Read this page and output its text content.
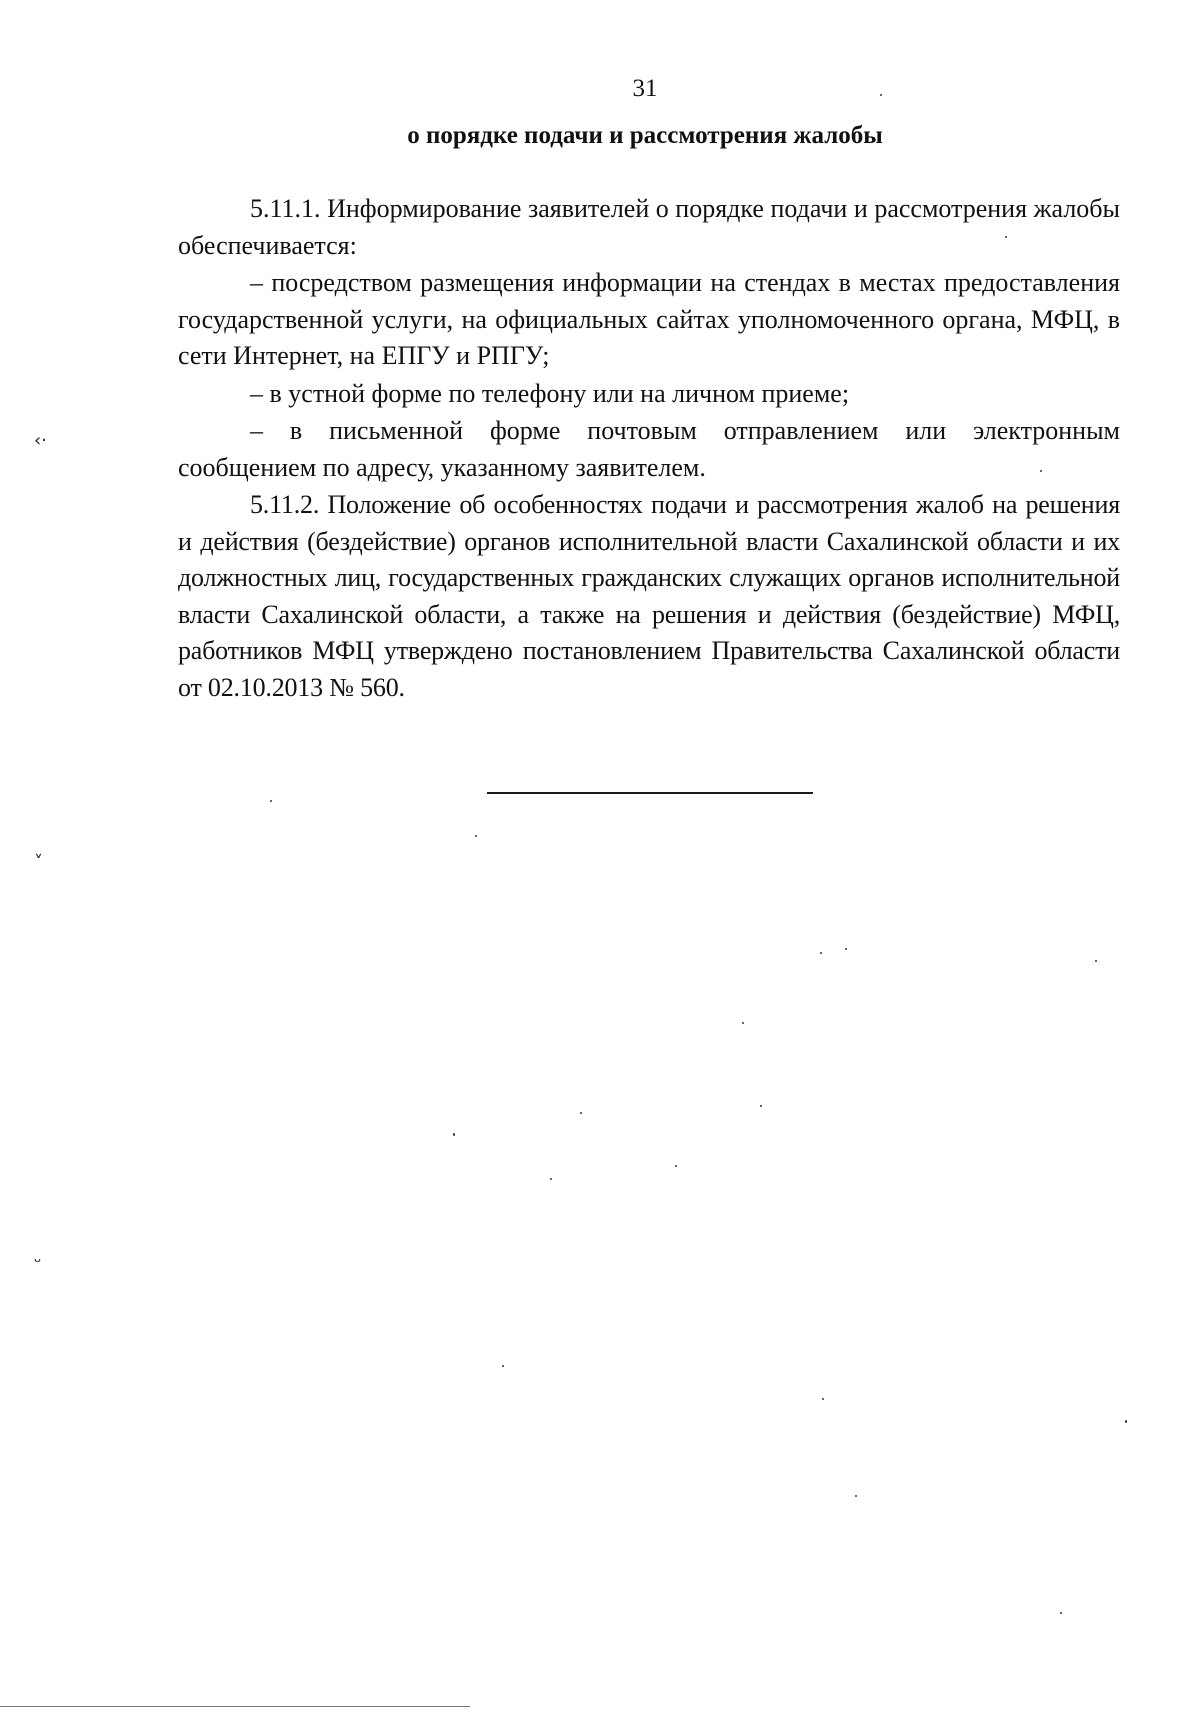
31
о порядке подачи и рассмотрения жалобы

5.11.1. Информирование заявителей о порядке подачи и рассмотрения жалобы обеспечивается:

– посредством размещения информации на стендах в местах предоставления государственной услуги, на официальных сайтах уполномоченного органа, МФЦ, в сети Интернет, на ЕПГУ и РПГУ;

– в устной форме по телефону или на личном приеме;

– в письменной форме почтовым отправлением или электронным сообщением по адресу, указанному заявителем.

5.11.2. Положение об особенностях подачи и рассмотрения жалоб на решения и действия (бездействие) органов исполнительной власти Сахалинской области и их должностных лиц, государственных гражданских служащих органов исполнительной власти Сахалинской области, а также на решения и действия (бездействие) МФЦ, работников МФЦ утверждено постановлением Правительства Сахалинской области от 02.10.2013 № 560.

‹·
˅
ᵕ
